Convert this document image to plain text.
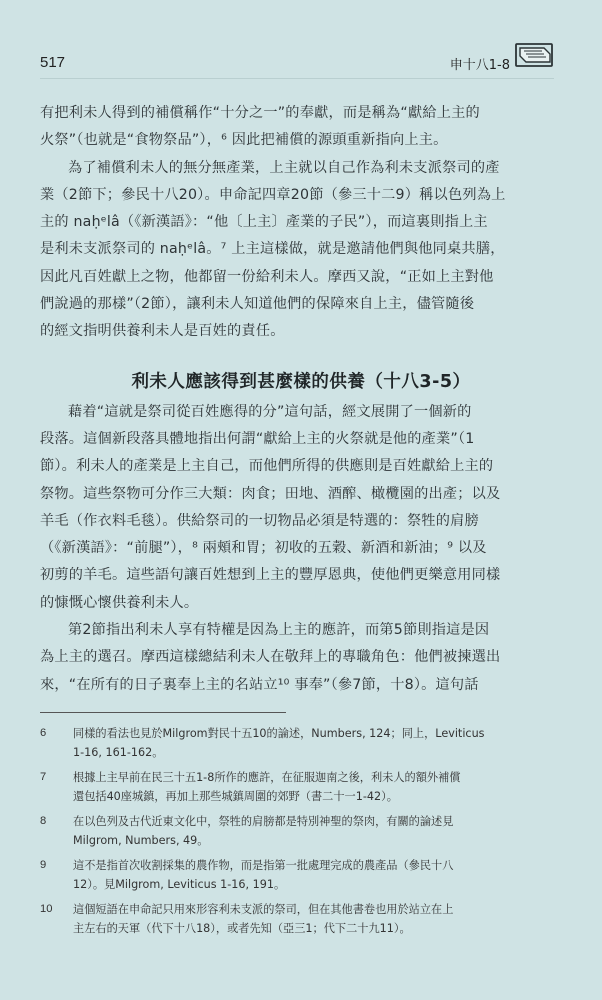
517	申十八1-8
有把利未人得到的補償稱作“十分之一”的奉獻，而是稱為“獻給上主的
火祭”（也就是“食物祭品”），⁶ 因此把補償的源頭重新指向上主。
為了補償利未人的無分無產業，上主就以自己作為利未支派祭司的產
業（2節下；參民十八20）。申命記四章20節（參三十二9）稱以色列為上
主的 naḥᵉlâ（《新漢語》：“他〔上主〕產業的子民”），而這裏則指上主
是利未支派祭司的 naḥᵉlâ。⁷ 上主這樣做，就是邀請他們與他同桌共膳，
因此凡百姓獻上之物，他都留一份給利未人。摩西又說，“正如上主對他
們說過的那樣”（2節），讓利未人知道他們的保障來自上主，儘管隨後
的經文指明供養利未人是百姓的責任。
利未人應該得到甚麼樣的供養（十八3-5）
藉着“這就是祭司從百姓應得的分”這句話，經文展開了一個新的
段落。這個新段落具體地指出何謂“獻給上主的火祭就是他的產業”（1
節）。利未人的產業是上主自己，而他們所得的供應則是百姓獻給上主的
祭物。這些祭物可分作三大類：肉食；田地、酒醡、橄欖園的出產；以及
羊毛（作衣料毛毯）。供給祭司的一切物品必須是特選的：祭牲的肩膀
（《新漢語》：“前腿”），⁸ 兩頰和胃；初收的五穀、新酒和新油；⁹ 以及
初剪的羊毛。這些語句讓百姓想到上主的豐厚恩典，使他們更樂意用同樣
的慷慨心懷供養利未人。
第2節指出利未人享有特權是因為上主的應許，而第5節則指這是因
為上主的選召。摩西這樣總結利未人在敬拜上的專職角色：他們被揀選出
來，“在所有的日子裏奉上主的名站立¹⁰ 事奉”（參7節，十8）。這句話
6	同樣的看法也見於Milgrom對民十五10的論述，Numbers, 124；同上，Leviticus
1-16, 161-162。
7	根據上主早前在民三十五1-8所作的應許，在征服迦南之後，利未人的額外補償
還包括40座城鎮，再加上那些城鎮周圍的郊野（書二十一1-42）。
8	在以色列及古代近東文化中，祭牲的肩膀都是特別神聖的祭肉，有關的論述見
Milgrom, Numbers, 49。
9	這不是指首次收割採集的農作物，而是指第一批處理完成的農產品（參民十八
12）。見Milgrom, Leviticus 1-16, 191。
10	這個短語在申命記只用來形容利未支派的祭司，但在其他書卷也用於站立在上
主左右的天軍（代下十八18），或者先知（亞三1；代下二十九11）。
